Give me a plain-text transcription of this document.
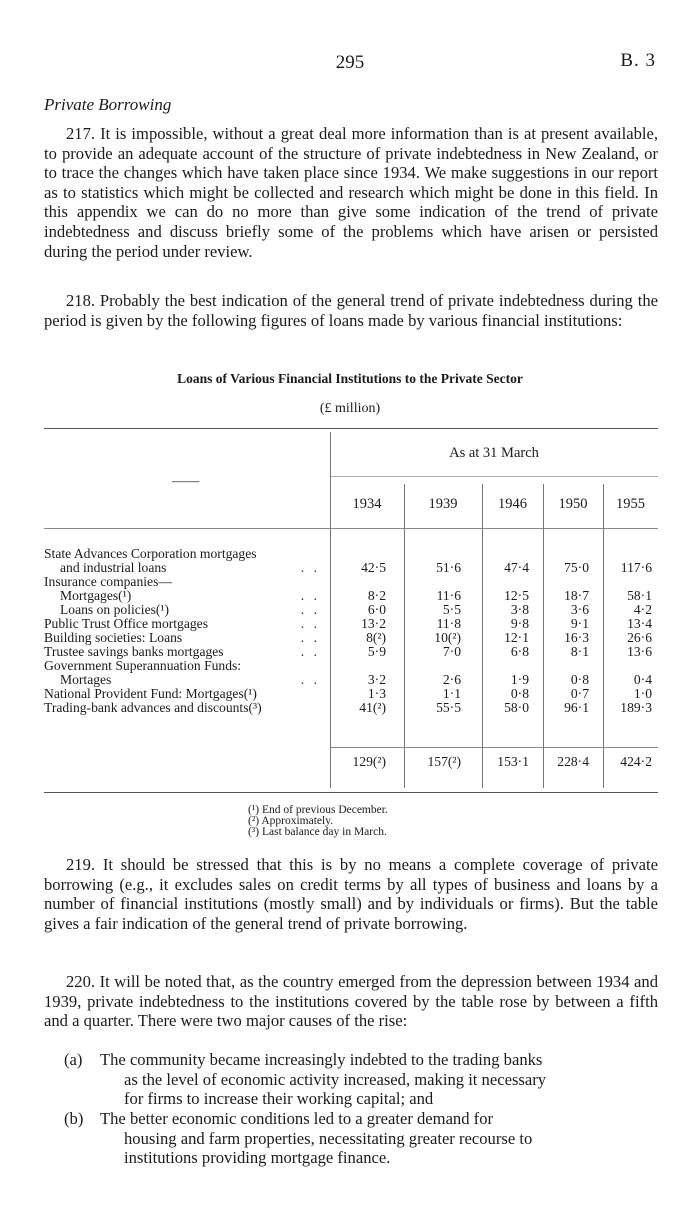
295	B. 3
Private Borrowing

217. It is impossible, without a great deal more information than is at present available, to provide an adequate account of the structure of private indebtedness in New Zealand, or to trace the changes which have taken place since 1934. We make suggestions in our report as to statistics which might be collected and research which might be done in this field. In this appendix we can do no more than give some indication of the trend of private indebtedness and discuss briefly some of the problems which have arisen or persisted during the period under review.

218. Probably the best indication of the general trend of private indebtedness during the period is given by the following figures of loans made by various financial institutions:

Loans of Various Financial Institutions to the Private Sector
(£ million)
——
As at 31 March
1934	1939	1946	1950	1955
State Advances Corporation mortgages
and industrial loans	. .	42·5	51·6	47·4	75·0	117·6
Insurance companies—
Mortgages(¹)	. .	8·2	11·6	12·5	18·7	58·1
Loans on policies(¹)	. .	6·0	5·5	3·8	3·6	4·2
Public Trust Office mortgages	. .	13·2	11·8	9·8	9·1	13·4
Building societies: Loans	. .	8(²)	10(²)	12·1	16·3	26·6
Trustee savings banks mortgages	. .	5·9	7·0	6·8	8·1	13·6
Government Superannuation Funds:
Mortages	. .	3·2	2·6	1·9	0·8	0·4
National Provident Fund: Mortgages(¹)	1·3	1·1	0·8	0·7	1·0
Trading-bank advances and discounts(³)	41(²)	55·5	58·0	96·1	189·3
129(²)	157(²)	153·1	228·4	424·2
(¹) End of previous December.
(²) Approximately.
(³) Last balance day in March.

219. It should be stressed that this is by no means a complete coverage of private borrowing (e.g., it excludes sales on credit terms by all types of business and loans by a number of financial institutions (mostly small) and by individuals or firms). But the table gives a fair indication of the general trend of private borrowing.

220. It will be noted that, as the country emerged from the depression between 1934 and 1939, private indebtedness to the institutions covered by the table rose by between a fifth and a quarter. There were two major causes of the rise:

(a) The community became increasingly indebted to the trading banks
as the level of economic activity increased, making it necessary
for firms to increase their working capital; and
(b) The better economic conditions led to a greater demand for
housing and farm properties, necessitating greater recourse to
institutions providing mortgage finance.
